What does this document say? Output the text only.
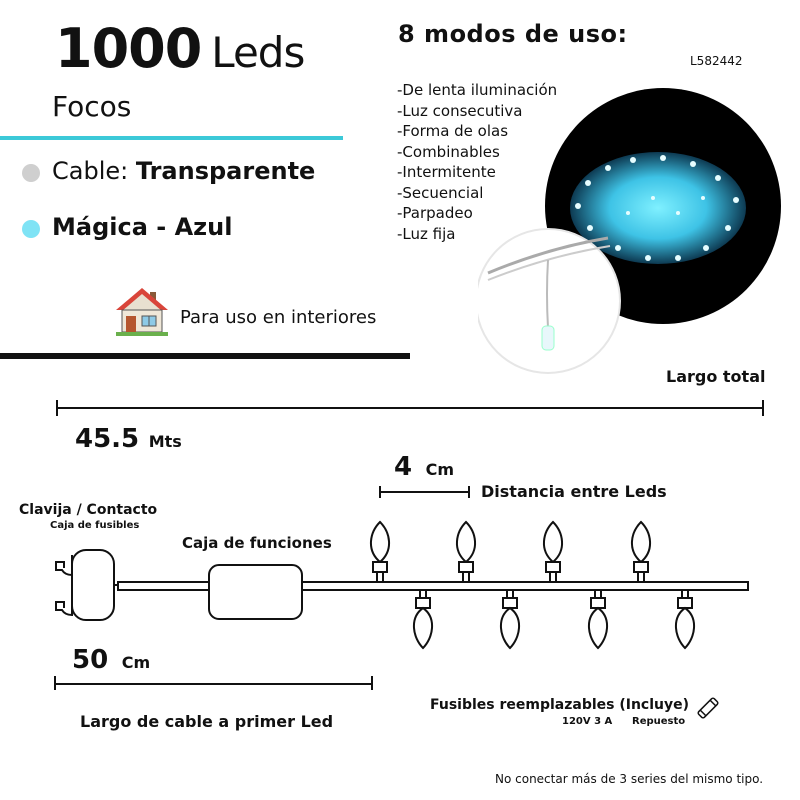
1000 Leds
Focos
Cable: Transparente
Mágica - Azul
Para uso en interiores
8 modos de uso:
L582442
-De lenta iluminación
-Luz consecutiva
-Forma de olas
-Combinables
-Intermitente
-Secuencial
-Parpadeo
-Luz fija
Largo total
45.5 Mts
4 Cm
Distancia entre Leds
Clavija / Contacto
Caja de fusibles
Caja de funciones
50 Cm
Largo de cable a primer Led
Fusibles reemplazables (Incluye)
120V 3 A Repuesto
No conectar más de 3 series del mismo tipo.
